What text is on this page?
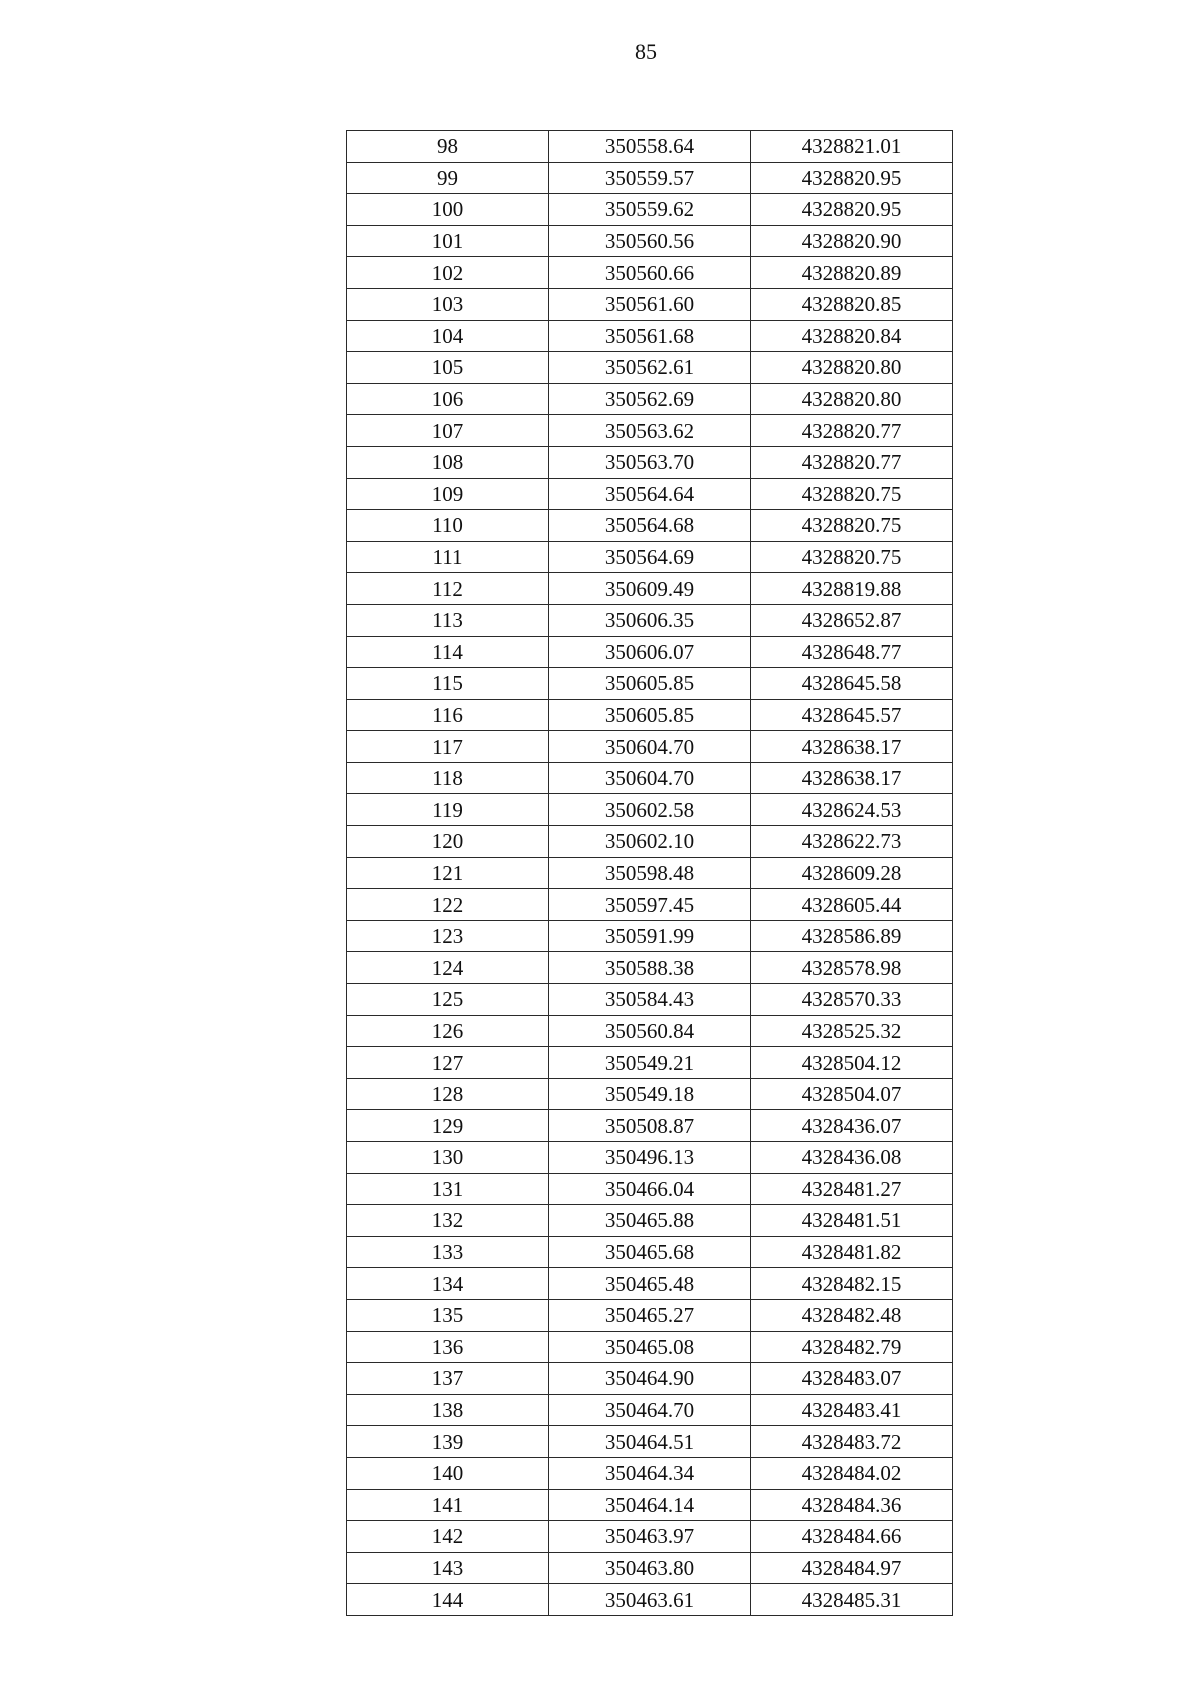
85
98	350558.64	4328821.01
99	350559.57	4328820.95
100	350559.62	4328820.95
101	350560.56	4328820.90
102	350560.66	4328820.89
103	350561.60	4328820.85
104	350561.68	4328820.84
105	350562.61	4328820.80
106	350562.69	4328820.80
107	350563.62	4328820.77
108	350563.70	4328820.77
109	350564.64	4328820.75
110	350564.68	4328820.75
111	350564.69	4328820.75
112	350609.49	4328819.88
113	350606.35	4328652.87
114	350606.07	4328648.77
115	350605.85	4328645.58
116	350605.85	4328645.57
117	350604.70	4328638.17
118	350604.70	4328638.17
119	350602.58	4328624.53
120	350602.10	4328622.73
121	350598.48	4328609.28
122	350597.45	4328605.44
123	350591.99	4328586.89
124	350588.38	4328578.98
125	350584.43	4328570.33
126	350560.84	4328525.32
127	350549.21	4328504.12
128	350549.18	4328504.07
129	350508.87	4328436.07
130	350496.13	4328436.08
131	350466.04	4328481.27
132	350465.88	4328481.51
133	350465.68	4328481.82
134	350465.48	4328482.15
135	350465.27	4328482.48
136	350465.08	4328482.79
137	350464.90	4328483.07
138	350464.70	4328483.41
139	350464.51	4328483.72
140	350464.34	4328484.02
141	350464.14	4328484.36
142	350463.97	4328484.66
143	350463.80	4328484.97
144	350463.61	4328485.31
